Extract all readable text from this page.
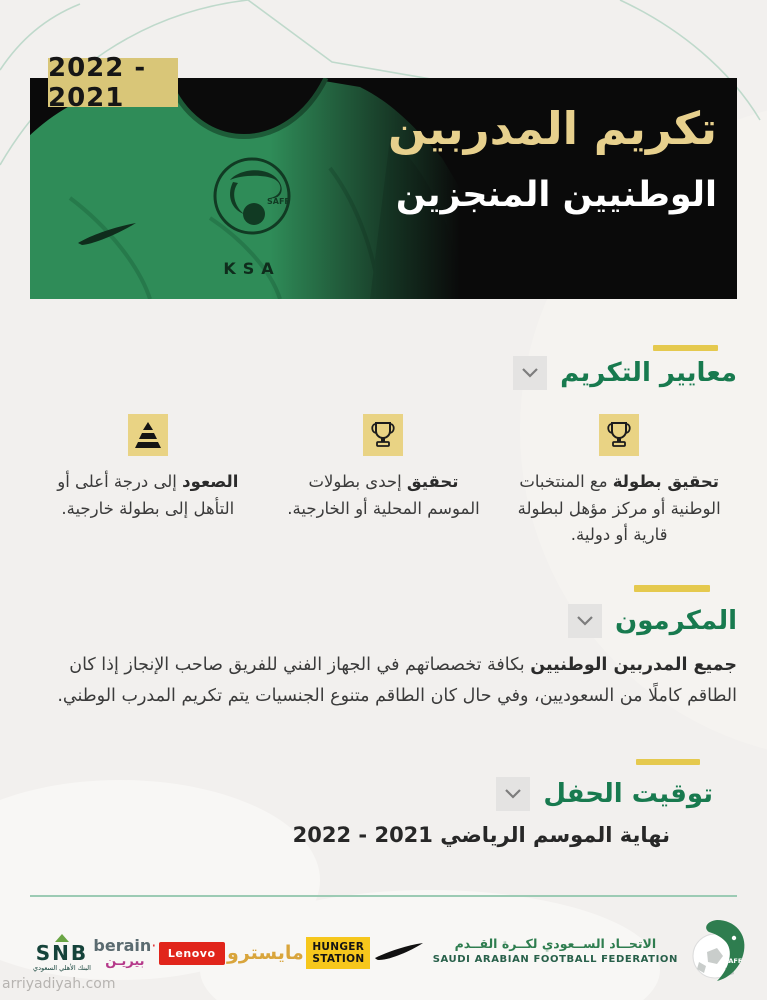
SAFF
KSA
تكريم المدربين
الوطنيين المنجزين
2022 - 2021
معايير التكريم
تحقيق بطولة مع المنتخبات الوطنية أو مركز مؤهل لبطولة قارية أو دولية.
تحقيق إحدى بطولات الموسم المحلية أو الخارجية.
الصعود إلى درجة أعلى أو التأهل إلى بطولة خارجية.
المكرمون
جميع المدربين الوطنيين بكافة تخصصاتهم في الجهاز الفني للفريق صاحب الإنجاز إذا كان الطاقم كاملًا من السعوديين، وفي حال كان الطاقم متنوع الجنسيات يتم تكريم المدرب الوطني.
توقيت الحفل
نهاية الموسم الرياضي 2021 - 2022
SNB
البنك الأهلي السعودي
berain·
بيريـن
Lenovo مايسترو HUNGER
STATION
الاتحــاد الســعودي لكــرة القــدم
SAUDI ARABIAN FOOTBALL FEDERATION	SAFF
arriyadiyah.com
